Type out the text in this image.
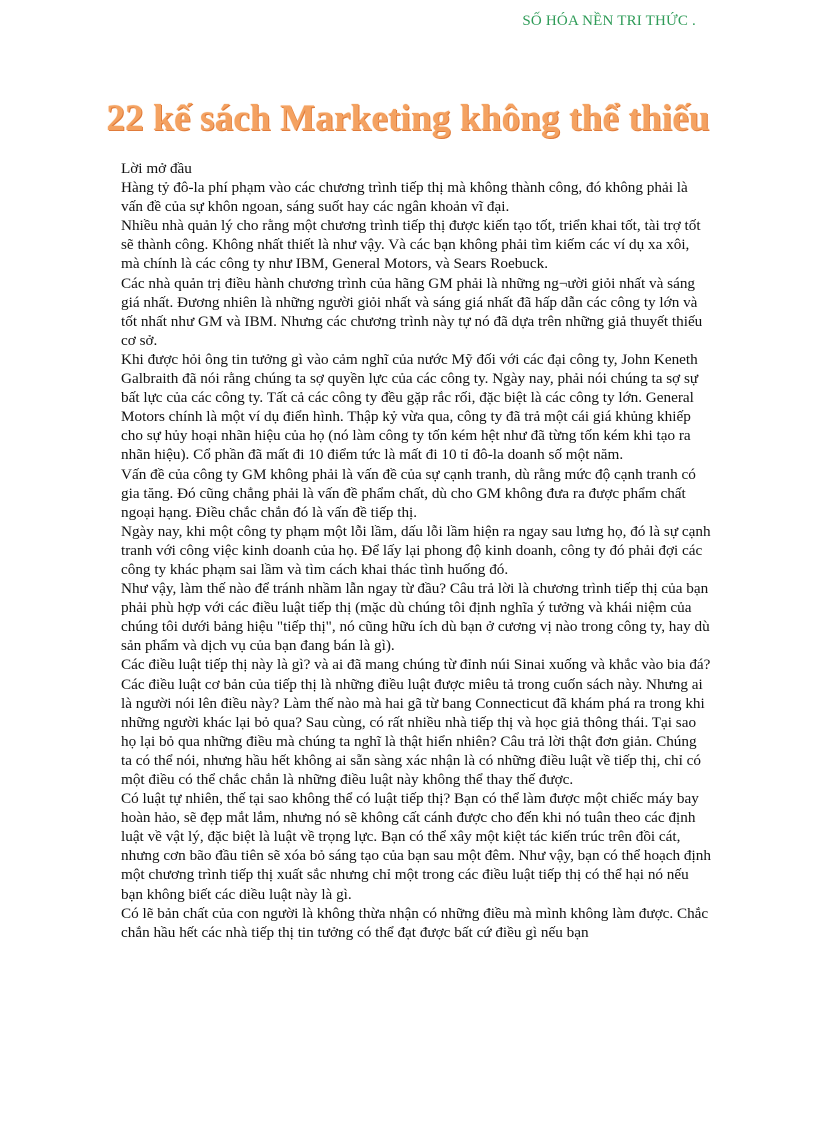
SỐ HÓA NỀN TRI THỨC .
22 kế sách Marketing không thể thiếu

Lời mở đầu

Hàng tỷ đô-la phí phạm vào các chương trình tiếp thị mà không thành công, đó không phải là vấn đề của sự khôn ngoan, sáng suốt hay các ngân khoản vĩ đại.

Nhiều nhà quản lý cho rằng một chương trình tiếp thị được kiến tạo tốt, triển khai tốt, tài trợ tốt sẽ thành công. Không nhất thiết là như vậy. Và các bạn không phải tìm kiếm các ví dụ xa xôi, mà chính là các công ty như IBM, General Motors, và Sears Roebuck.

Các nhà quản trị điều hành chương trình của hãng GM phải là những ng¬ười giỏi nhất và sáng giá nhất. Đương nhiên là những người giỏi nhất và sáng giá nhất đã hấp dẫn các công ty lớn và tốt nhất như GM và IBM. Nhưng các chương trình này tự nó đã dựa trên những giả thuyết thiếu cơ sở.

Khi được hỏi ông tin tưởng gì vào cảm nghĩ của nước Mỹ đối với các đại công ty, John Keneth Galbraith đã nói rằng chúng ta sợ quyền lực của các công ty. Ngày nay, phải nói chúng ta sợ sự bất lực của các công ty. Tất cả các công ty đều gặp rắc rối, đặc biệt là các công ty lớn. General Motors chính là một ví dụ điển hình. Thập kỷ vừa qua, công ty đã trả một cái giá khủng khiếp cho sự hủy hoại nhãn hiệu của họ (nó làm công ty tốn kém hệt như đã từng tốn kém khi tạo ra nhãn hiệu). Cổ phần đã mất đi 10 điểm tức là mất đi 10 tỉ đô-la doanh số một năm.

Vấn đề của công ty GM không phải là vấn đề của sự cạnh tranh, dù rằng mức độ cạnh tranh có gia tăng. Đó cũng chẳng phải là vấn đề phẩm chất, dù cho GM không đưa ra được phẩm chất ngoại hạng. Điều chắc chắn đó là vấn đề tiếp thị.

Ngày nay, khi một công ty phạm một lỗi lầm, dấu lỗi lầm hiện ra ngay sau lưng họ, đó là sự cạnh tranh với công việc kinh doanh của họ. Để lấy lại phong độ kinh doanh, công ty đó phải đợi các công ty khác phạm sai lầm và tìm cách khai thác tình huống đó.

Như vậy, làm thế nào để tránh nhầm lẫn ngay từ đầu? Câu trả lời là chương trình tiếp thị của bạn phải phù hợp với các điều luật tiếp thị (mặc dù chúng tôi định nghĩa ý tưởng và khái niệm của chúng tôi dưới bảng hiệu "tiếp thị", nó cũng hữu ích dù bạn ở cương vị nào trong công ty, hay dù sản phẩm và dịch vụ của bạn đang bán là gì).

Các điều luật tiếp thị này là gì? và ai đã mang chúng từ đỉnh núi Sinai xuống và khắc vào bia đá?

Các điều luật cơ bản của tiếp thị là những điều luật được miêu tả trong cuốn sách này. Nhưng ai là người nói lên điều này? Làm thế nào mà hai gã từ bang Connecticut đã khám phá ra trong khi những người khác lại bỏ qua? Sau cùng, có rất nhiều nhà tiếp thị và học giả thông thái. Tại sao họ lại bỏ qua những điều mà chúng ta nghĩ là thật hiển nhiên? Câu trả lời thật đơn giản. Chúng ta có thể nói, nhưng hầu hết không ai sẵn sàng xác nhận là có những điều luật về tiếp thị, chỉ có một điều có thể chắc chắn là những điều luật này không thể thay thế được.

Có luật tự nhiên, thế tại sao không thể có luật tiếp thị? Bạn có thể làm được một chiếc máy bay hoàn hảo, sẽ đẹp mắt lắm, nhưng nó sẽ không cất cánh được cho đến khi nó tuân theo các định luật về vật lý, đặc biệt là luật về trọng lực. Bạn có thể xây một kiệt tác kiến trúc trên đồi cát, nhưng cơn bão đầu tiên sẽ xóa bỏ sáng tạo của bạn sau một đêm. Như vậy, bạn có thể hoạch định một chương trình tiếp thị xuất sắc nhưng chỉ một trong các điều luật tiếp thị có thể hại nó nếu bạn không biết các diều luật này là gì.

Có lẽ bản chất của con người là không thừa nhận có những điều mà mình không làm được. Chắc chắn hầu hết các nhà tiếp thị tin tưởng có thể đạt được bất cứ điều gì nếu bạn
